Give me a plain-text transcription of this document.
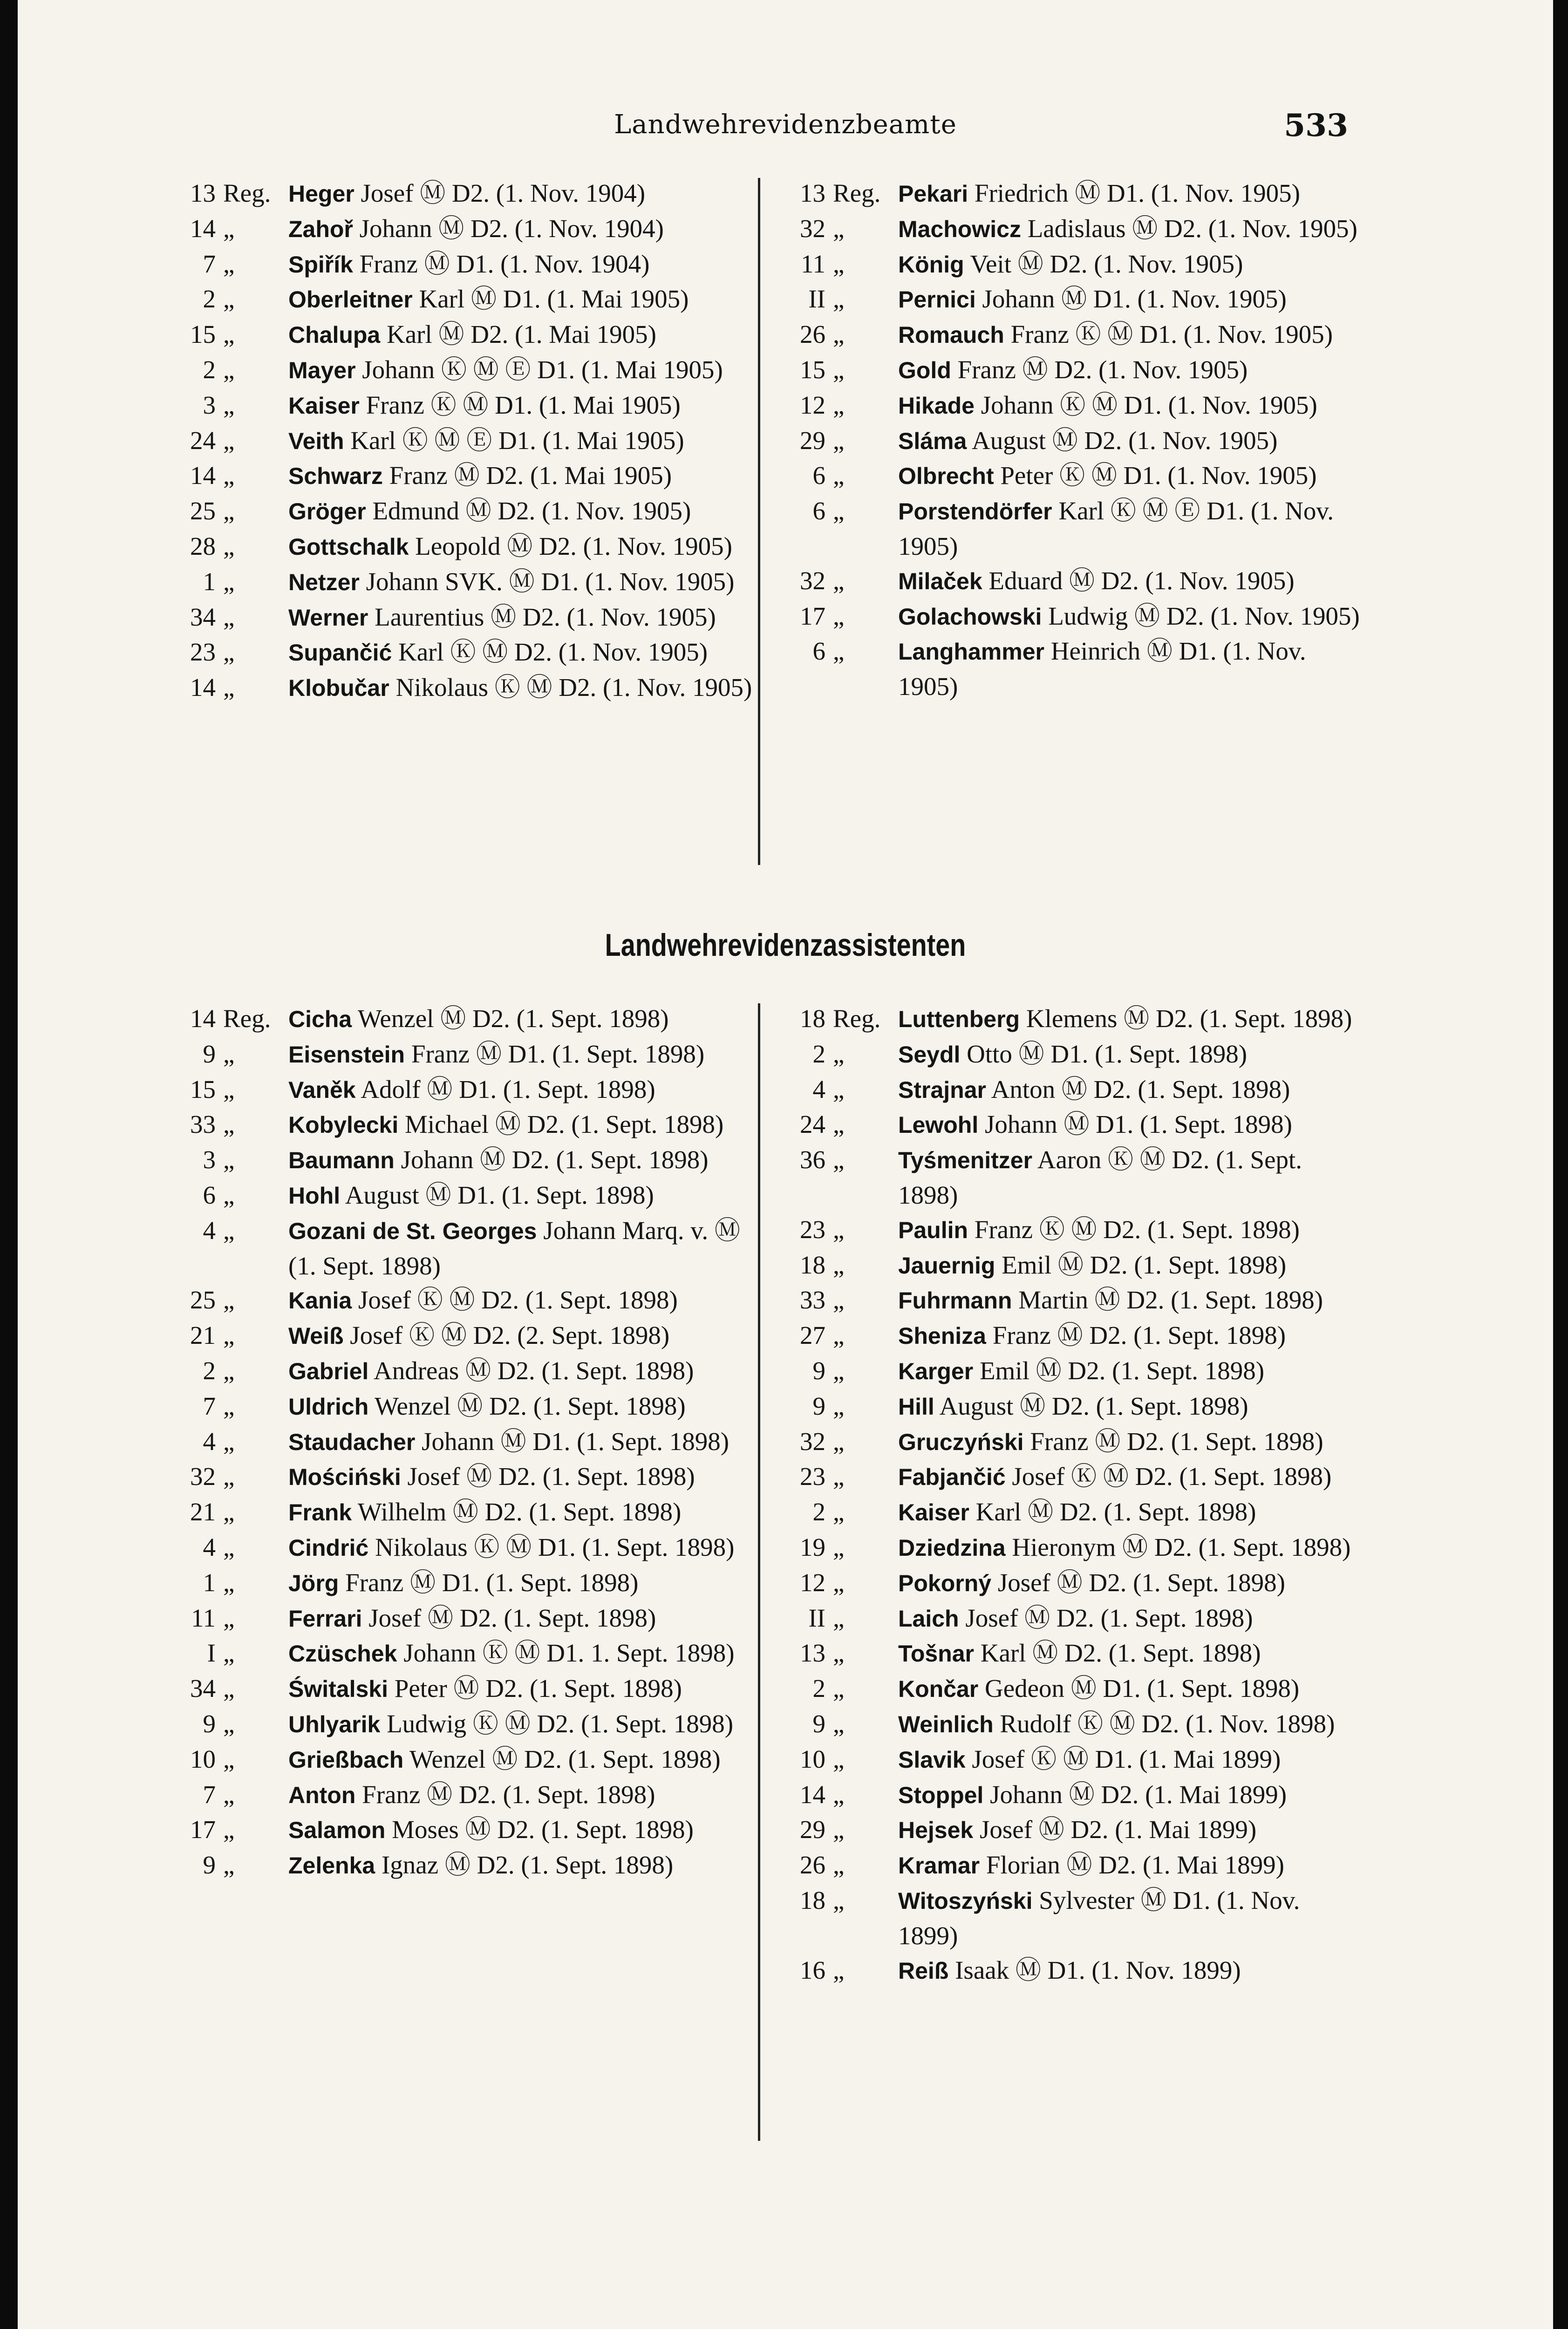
Landwehrevidenzbeamte	533
13 Reg. Heger Josef Ⓜ D2. (1. Nov. 1904)
14 „	Zahoř Johann Ⓜ D2. (1. Nov. 1904)
7 „	Spiřík Franz Ⓜ D1. (1. Nov. 1904)
2 „	Oberleitner Karl Ⓜ D1. (1. Mai 1905)
15 „	Chalupa Karl Ⓜ D2. (1. Mai 1905)
2 „	Mayer Johann Ⓚ Ⓜ Ⓔ D1. (1. Mai 1905)
3 „	Kaiser Franz Ⓚ Ⓜ D1. (1. Mai 1905)
24 „	Veith Karl Ⓚ Ⓜ Ⓔ D1. (1. Mai 1905)
14 „	Schwarz Franz Ⓜ D2. (1. Mai 1905)
25 „	Gröger Edmund Ⓜ D2. (1. Nov. 1905)
28 „	Gottschalk Leopold Ⓜ D2. (1. Nov. 1905)
1 „	Netzer Johann SVK. Ⓜ D1. (1. Nov. 1905)
34 „	Werner Laurentius Ⓜ D2. (1. Nov. 1905)
23 „	Supančić Karl Ⓚ Ⓜ D2. (1. Nov. 1905)
14 „	Klobučar Nikolaus Ⓚ Ⓜ D2. (1. Nov. 1905)
13 Reg. Pekari Friedrich Ⓜ D1. (1. Nov. 1905)
32 „	Machowicz Ladislaus Ⓜ D2. (1. Nov. 1905)
11 „	König Veit Ⓜ D2. (1. Nov. 1905)
II „	Pernici Johann Ⓜ D1. (1. Nov. 1905)
26 „	Romauch Franz Ⓚ Ⓜ D1. (1. Nov. 1905)
15 „	Gold Franz Ⓜ D2. (1. Nov. 1905)
12 „	Hikade Johann Ⓚ Ⓜ D1. (1. Nov. 1905)
29 „	Sláma August Ⓜ D2. (1. Nov. 1905)
6 „	Olbrecht Peter Ⓚ Ⓜ D1. (1. Nov. 1905)
6 „	Porstendörfer Karl Ⓚ Ⓜ Ⓔ D1. (1. Nov. 1905)
32 „	Milaček Eduard Ⓜ D2. (1. Nov. 1905)
17 „	Golachowski Ludwig Ⓜ D2. (1. Nov. 1905)
6 „	Langhammer Heinrich Ⓜ D1. (1. Nov. 1905)
Landwehrevidenzassistenten
14 Reg. Cicha Wenzel Ⓜ D2. (1. Sept. 1898)
9 „	Eisenstein Franz Ⓜ D1. (1. Sept. 1898)
15 „	Vaněk Adolf Ⓜ D1. (1. Sept. 1898)
33 „	Kobylecki Michael Ⓜ D2. (1. Sept. 1898)
3 „	Baumann Johann Ⓜ D2. (1. Sept. 1898)
6 „	Hohl August Ⓜ D1. (1. Sept. 1898)
4 „	Gozani de St. Georges Johann Marq. v. Ⓜ (1. Sept. 1898)
25 „	Kania Josef Ⓚ Ⓜ D2. (1. Sept. 1898)
21 „	Weiß Josef Ⓚ Ⓜ D2. (2. Sept. 1898)
2 „	Gabriel Andreas Ⓜ D2. (1. Sept. 1898)
7 „	Uldrich Wenzel Ⓜ D2. (1. Sept. 1898)
4 „	Staudacher Johann Ⓜ D1. (1. Sept. 1898)
32 „	Mościński Josef Ⓜ D2. (1. Sept. 1898)
21 „	Frank Wilhelm Ⓜ D2. (1. Sept. 1898)
4 „	Cindrić Nikolaus Ⓚ Ⓜ D1. (1. Sept. 1898)
1 „	Jörg Franz Ⓜ D1. (1. Sept. 1898)
11 „	Ferrari Josef Ⓜ D2. (1. Sept. 1898)
I „	Czüschek Johann Ⓚ Ⓜ D1. 1. Sept. 1898)
34 „	Świtalski Peter Ⓜ D2. (1. Sept. 1898)
9 „	Uhlyarik Ludwig Ⓚ Ⓜ D2. (1. Sept. 1898)
10 „	Grießbach Wenzel Ⓜ D2. (1. Sept. 1898)
7 „	Anton Franz Ⓜ D2. (1. Sept. 1898)
17 „	Salamon Moses Ⓜ D2. (1. Sept. 1898)
9 „	Zelenka Ignaz Ⓜ D2. (1. Sept. 1898)
18 Reg. Luttenberg Klemens Ⓜ D2. (1. Sept. 1898)
2 „	Seydl Otto Ⓜ D1. (1. Sept. 1898)
4 „	Strajnar Anton Ⓜ D2. (1. Sept. 1898)
24 „	Lewohl Johann Ⓜ D1. (1. Sept. 1898)
36 „	Tyśmenitzer Aaron Ⓚ Ⓜ D2. (1. Sept. 1898)
23 „	Paulin Franz Ⓚ Ⓜ D2. (1. Sept. 1898)
18 „	Jauernig Emil Ⓜ D2. (1. Sept. 1898)
33 „	Fuhrmann Martin Ⓜ D2. (1. Sept. 1898)
27 „	Sheniza Franz Ⓜ D2. (1. Sept. 1898)
9 „	Karger Emil Ⓜ D2. (1. Sept. 1898)
9 „	Hill August Ⓜ D2. (1. Sept. 1898)
32 „	Gruczyński Franz Ⓜ D2. (1. Sept. 1898)
23 „	Fabjančić Josef Ⓚ Ⓜ D2. (1. Sept. 1898)
2 „	Kaiser Karl Ⓜ D2. (1. Sept. 1898)
19 „	Dziedzina Hieronym Ⓜ D2. (1. Sept. 1898)
12 „	Pokorný Josef Ⓜ D2. (1. Sept. 1898)
II „	Laich Josef Ⓜ D2. (1. Sept. 1898)
13 „	Tošnar Karl Ⓜ D2. (1. Sept. 1898)
2 „	Končar Gedeon Ⓜ D1. (1. Sept. 1898)
9 „	Weinlich Rudolf Ⓚ Ⓜ D2. (1. Nov. 1898)
10 „	Slavik Josef Ⓚ Ⓜ D1. (1. Mai 1899)
14 „	Stoppel Johann Ⓜ D2. (1. Mai 1899)
29 „	Hejsek Josef Ⓜ D2. (1. Mai 1899)
26 „	Kramar Florian Ⓜ D2. (1. Mai 1899)
18 „	Witoszyński Sylvester Ⓜ D1. (1. Nov. 1899)
16 „	Reiß Isaak Ⓜ D1. (1. Nov. 1899)
